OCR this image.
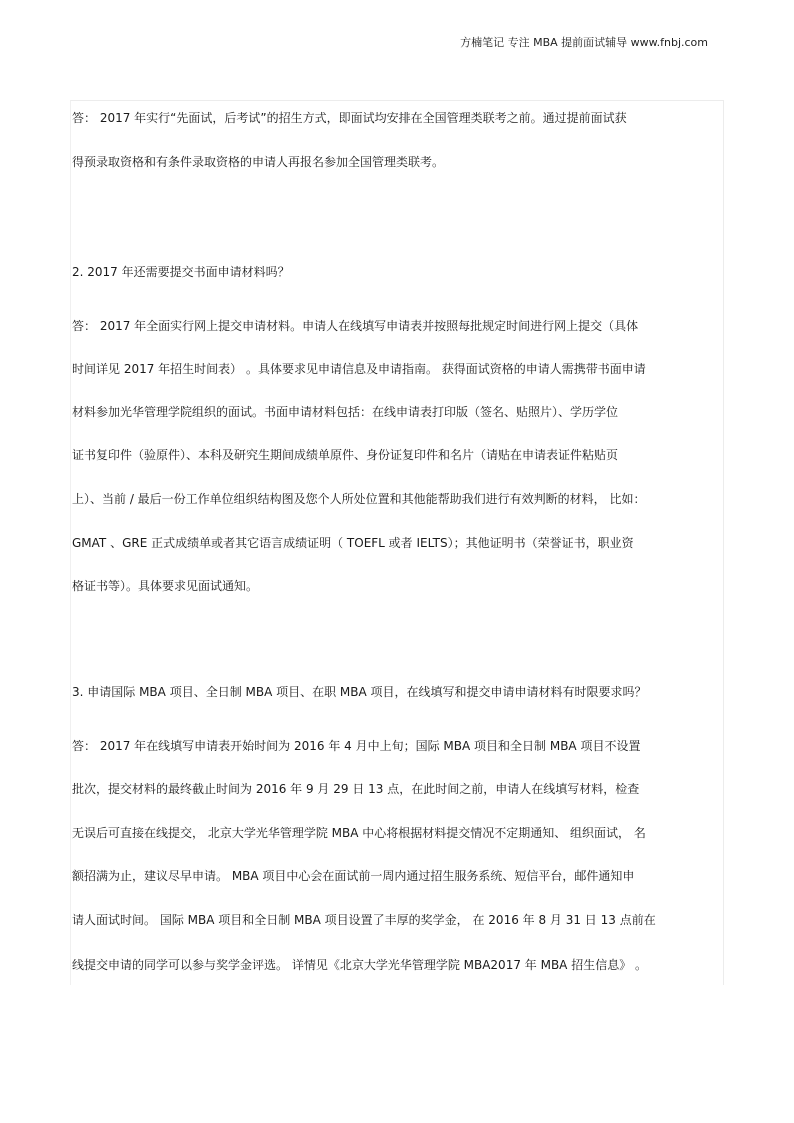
方楠笔记 专注 MBA 提前面试辅导 www.fnbj.com
答： 2017 年实行“先面试，后考试”的招生方式，即面试均安排在全国管理类联考之前。通过提前面试获
得预录取资格和有条件录取资格的申请人再报名参加全国管理类联考。
2. 2017 年还需要提交书面申请材料吗？
答： 2017 年全面实行网上提交申请材料。申请人在线填写申请表并按照每批规定时间进行网上提交（具体
时间详见 2017 年招生时间表） 。具体要求见申请信息及申请指南。 获得面试资格的申请人需携带书面申请
材料参加光华管理学院组织的面试。书面申请材料包括：在线申请表打印版（签名、贴照片）、学历学位
证书复印件（验原件）、本科及研究生期间成绩单原件、身份证复印件和名片（请贴在申请表证件粘贴页
上）、当前 / 最后一份工作单位组织结构图及您个人所处位置和其他能帮助我们进行有效判断的材料， 比如：
GMAT 、GRE 正式成绩单或者其它语言成绩证明（ TOEFL 或者 IELTS）；其他证明书（荣誉证书，职业资
格证书等）。具体要求见面试通知。
3. 申请国际 MBA 项目、全日制 MBA 项目、在职 MBA 项目，在线填写和提交申请申请材料有时限要求吗？
答： 2017 年在线填写申请表开始时间为 2016 年 4 月中上旬；国际 MBA 项目和全日制 MBA 项目不设置
批次，提交材料的最终截止时间为 2016 年 9 月 29 日 13 点，在此时间之前，申请人在线填写材料，检查
无误后可直接在线提交， 北京大学光华管理学院 MBA 中心将根据材料提交情况不定期通知、 组织面试， 名
额招满为止，建议尽早申请。 MBA 项目中心会在面试前一周内通过招生服务系统、短信平台，邮件通知申
请人面试时间。 国际 MBA 项目和全日制 MBA 项目设置了丰厚的奖学金， 在 2016 年 8 月 31 日 13 点前在
线提交申请的同学可以参与奖学金评选。 详情见《北京大学光华管理学院 MBA2017 年 MBA 招生信息》 。
